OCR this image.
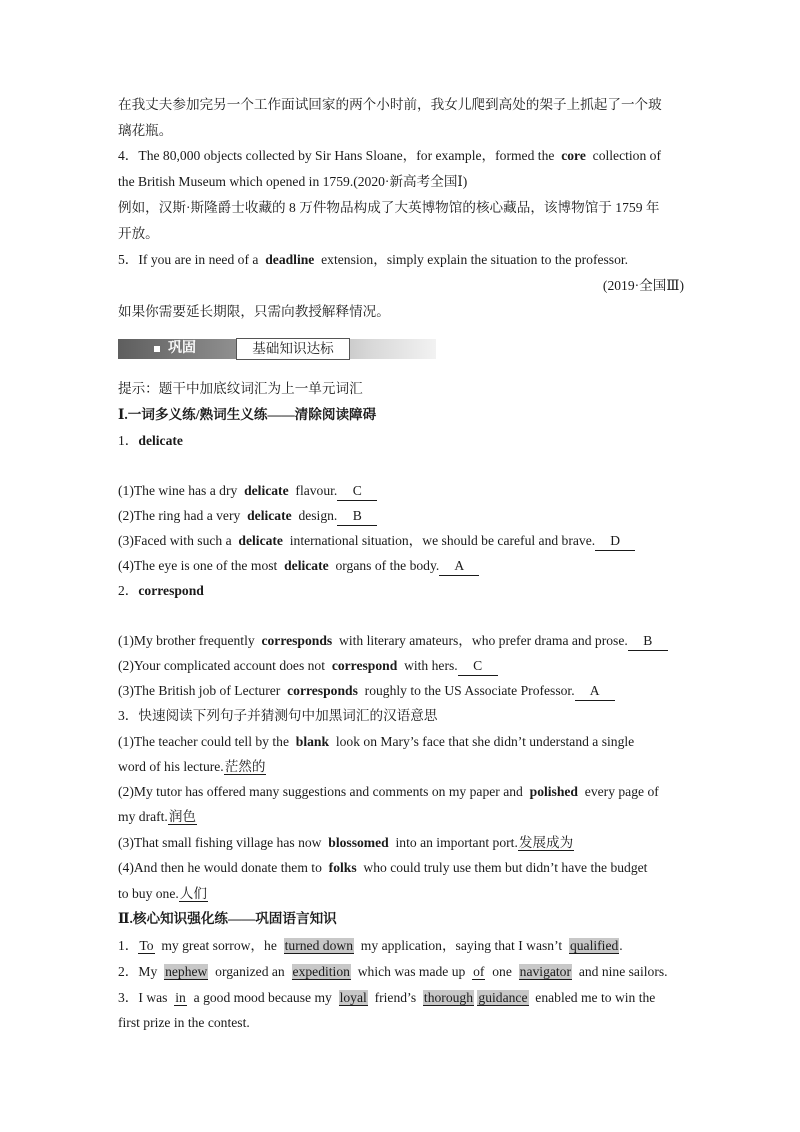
在我丈夫参加完另一个工作面试回家的两个小时前，我女儿爬到高处的架子上抓起了一个玻
璃花瓶。
4．The 80,000 objects collected by Sir Hans Sloane，for example，formed the core collection of
the British Museum which opened in 1759.(2020·新高考全国Ⅰ)
例如，汉斯·斯隆爵士收藏的 8 万件物品构成了大英博物馆的核心藏品，该博物馆于 1759 年
开放。
5．If you are in need of a deadline extension，simply explain the situation to the professor.
(2019·全国Ⅲ)
如果你需要延长期限，只需向教授解释情况。
巩固	基础知识达标
提示：题干中加底纹词汇为上一单元词汇
Ⅰ.一词多义练/熟词生义练——清除阅读障碍
1．delicate
(1)The wine has a dry delicate flavour. C
(2)The ring had a very delicate design. B
(3)Faced with such a delicate international situation，we should be careful and brave. D
(4)The eye is one of the most delicate organs of the body. A
2．correspond
(1)My brother frequently corresponds with literary amateurs，who prefer drama and prose. B
(2)Your complicated account does not correspond with hers. C
(3)The British job of Lecturer corresponds roughly to the US Associate Professor. A
3．快速阅读下列句子并猜测句中加黑词汇的汉语意思
(1)The teacher could tell by the blank look on Mary’s face that she didn’t understand a single
word of his lecture.茫然的
(2)My tutor has offered many suggestions and comments on my paper and polished every page of
my draft.润色
(3)That small fishing village has now blossomed into an important port.发展成为
(4)And then he would donate them to folks who could truly use them but didn’t have the budget
to buy one.人们
Ⅱ.核心知识强化练——巩固语言知识
1．To my great sorrow，he turned down my application，saying that I wasn’t qualified.
2．My nephew organized an expedition which was made up of one navigator and nine sailors.
3．I was in a good mood because my loyal friend’s thorough guidance enabled me to win the
first prize in the contest.
